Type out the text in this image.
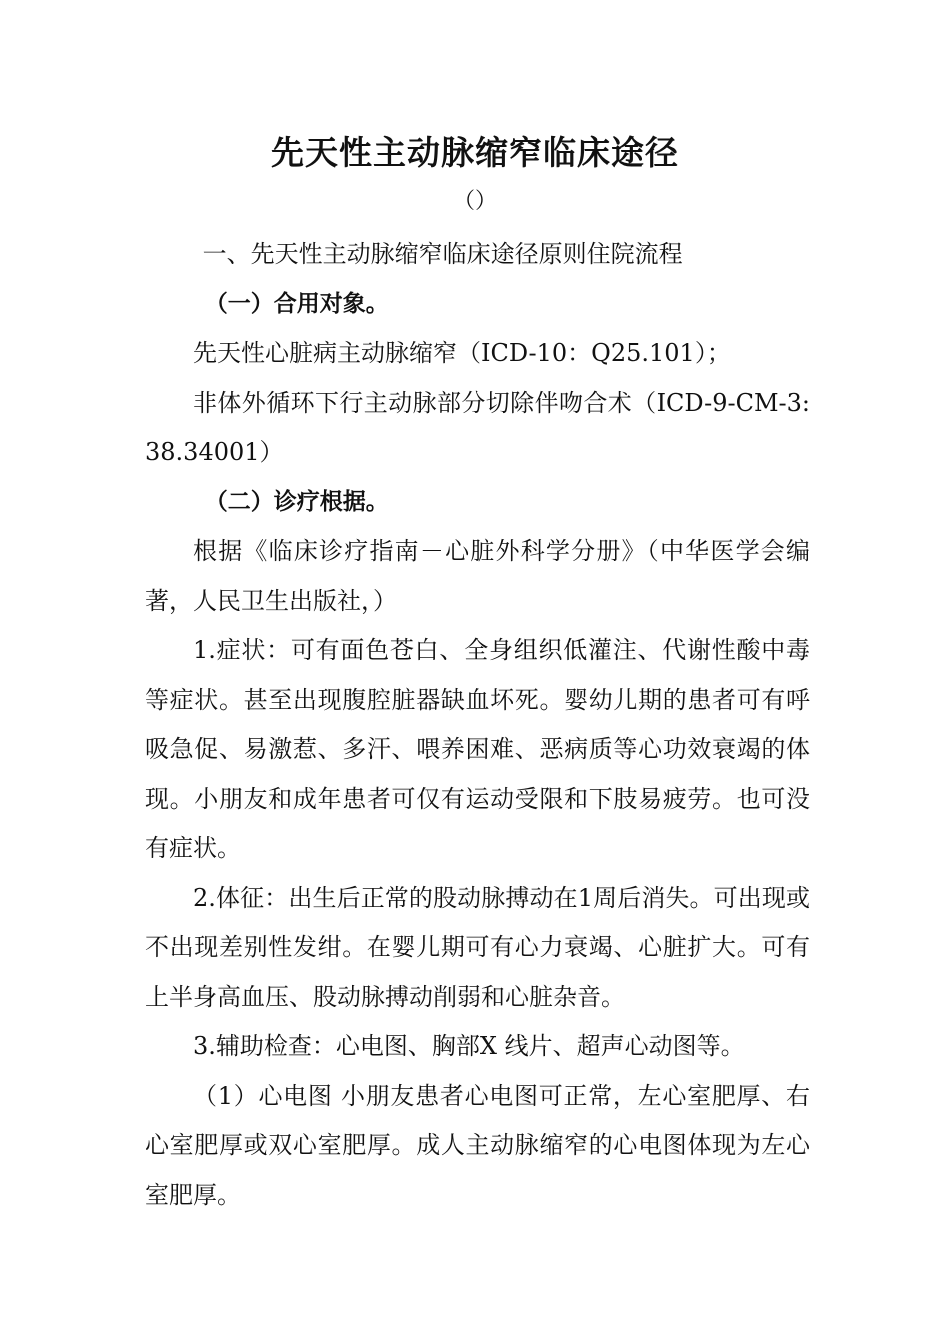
先天性主动脉缩窄临床途径
（）

一、先天性主动脉缩窄临床途径原则住院流程

（一）合用对象。

先天性心脏病主动脉缩窄（ICD-10：Q25.101）；

非体外循环下行主动脉部分切除伴吻合术（ICD-9-CM-3: 38.34001）

（二）诊疗根据。

根据《临床诊疗指南－心脏外科学分册》（中华医学会编著，人民卫生出版社，）

1.症状：可有面色苍白、全身组织低灌注、代谢性酸中毒等症状。甚至出现腹腔脏器缺血坏死。婴幼儿期的患者可有呼吸急促、易激惹、多汗、喂养困难、恶病质等心功效衰竭的体现。小朋友和成年患者可仅有运动受限和下肢易疲劳。也可没有症状。

2.体征：出生后正常的股动脉搏动在1周后消失。可出现或不出现差别性发绀。在婴儿期可有心力衰竭、心脏扩大。可有上半身高血压、股动脉搏动削弱和心脏杂音。

3.辅助检查：心电图、胸部X 线片、超声心动图等。

（1）心电图 小朋友患者心电图可正常，左心室肥厚、右心室肥厚或双心室肥厚。成人主动脉缩窄的心电图体现为左心室肥厚。
